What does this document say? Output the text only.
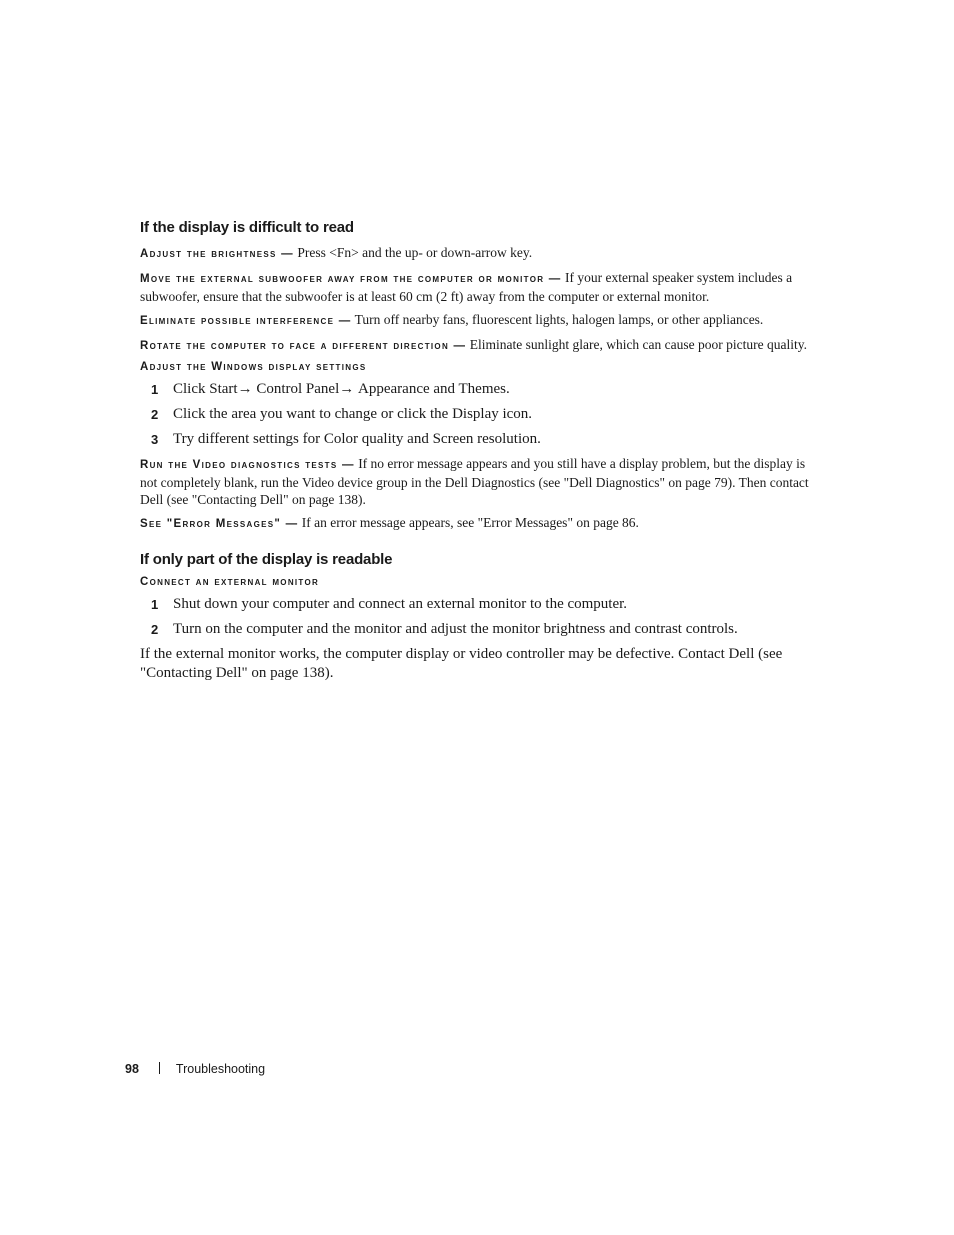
If the display is difficult to read

Adjust the brightness — Press <Fn> and the up- or down-arrow key.

Move the external subwoofer away from the computer or monitor — If your external speaker system includes a subwoofer, ensure that the subwoofer is at least 60 cm (2 ft) away from the computer or external monitor.

Eliminate possible interference — Turn off nearby fans, fluorescent lights, halogen lamps, or other appliances.

Rotate the computer to face a different direction — Eliminate sunlight glare, which can cause poor picture quality.

Adjust the Windows display settings
1 Click Start→ Control Panel→ Appearance and Themes.
2 Click the area you want to change or click the Display icon.
3 Try different settings for Color quality and Screen resolution.

Run the Video diagnostics tests — If no error message appears and you still have a display problem, but the display is not completely blank, run the Video device group in the Dell Diagnostics (see "Dell Diagnostics" on page 79). Then contact Dell (see "Contacting Dell" on page 138).

See "Error Messages" — If an error message appears, see "Error Messages" on page 86.

If only part of the display is readable
Connect an external monitor
1 Shut down your computer and connect an external monitor to the computer.
2 Turn on the computer and the monitor and adjust the monitor brightness and contrast controls.

If the external monitor works, the computer display or video controller may be defective. Contact Dell (see "Contacting Dell" on page 138).

98	Troubleshooting
